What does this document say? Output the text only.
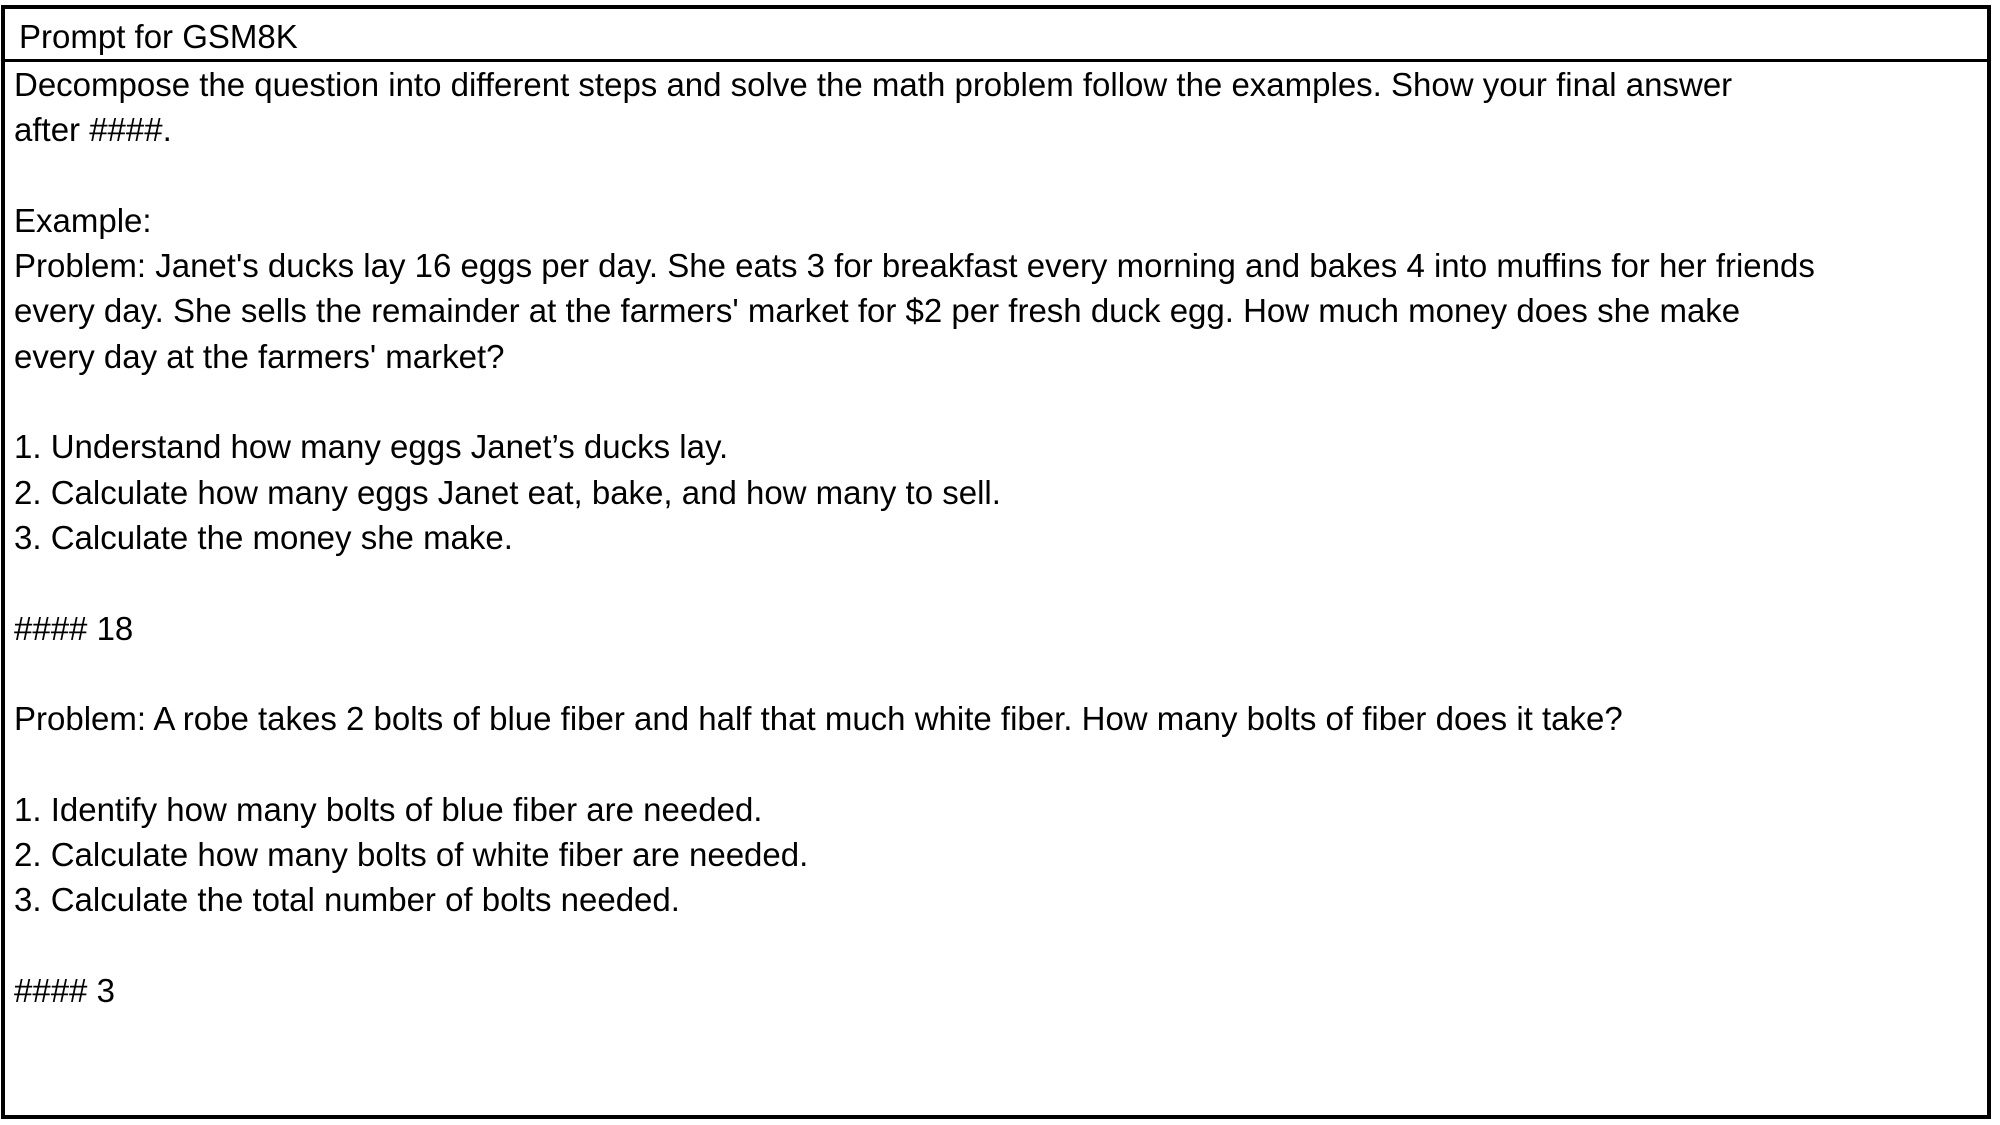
Prompt for GSM8K
Decompose the question into different steps and solve the math problem follow the examples. Show your final answer
after ####.
Example:
Problem: Janet's ducks lay 16 eggs per day. She eats 3 for breakfast every morning and bakes 4 into muffins for her friends
every day. She sells the remainder at the farmers' market for $2 per fresh duck egg. How much money does she make
every day at the farmers' market?
1. Understand how many eggs Janet’s ducks lay.
2. Calculate how many eggs Janet eat, bake, and how many to sell.
3. Calculate the money she make.
#### 18
Problem: A robe takes 2 bolts of blue fiber and half that much white fiber. How many bolts of fiber does it take?
1. Identify how many bolts of blue fiber are needed.
2. Calculate how many bolts of white fiber are needed.
3. Calculate the total number of bolts needed.
#### 3
